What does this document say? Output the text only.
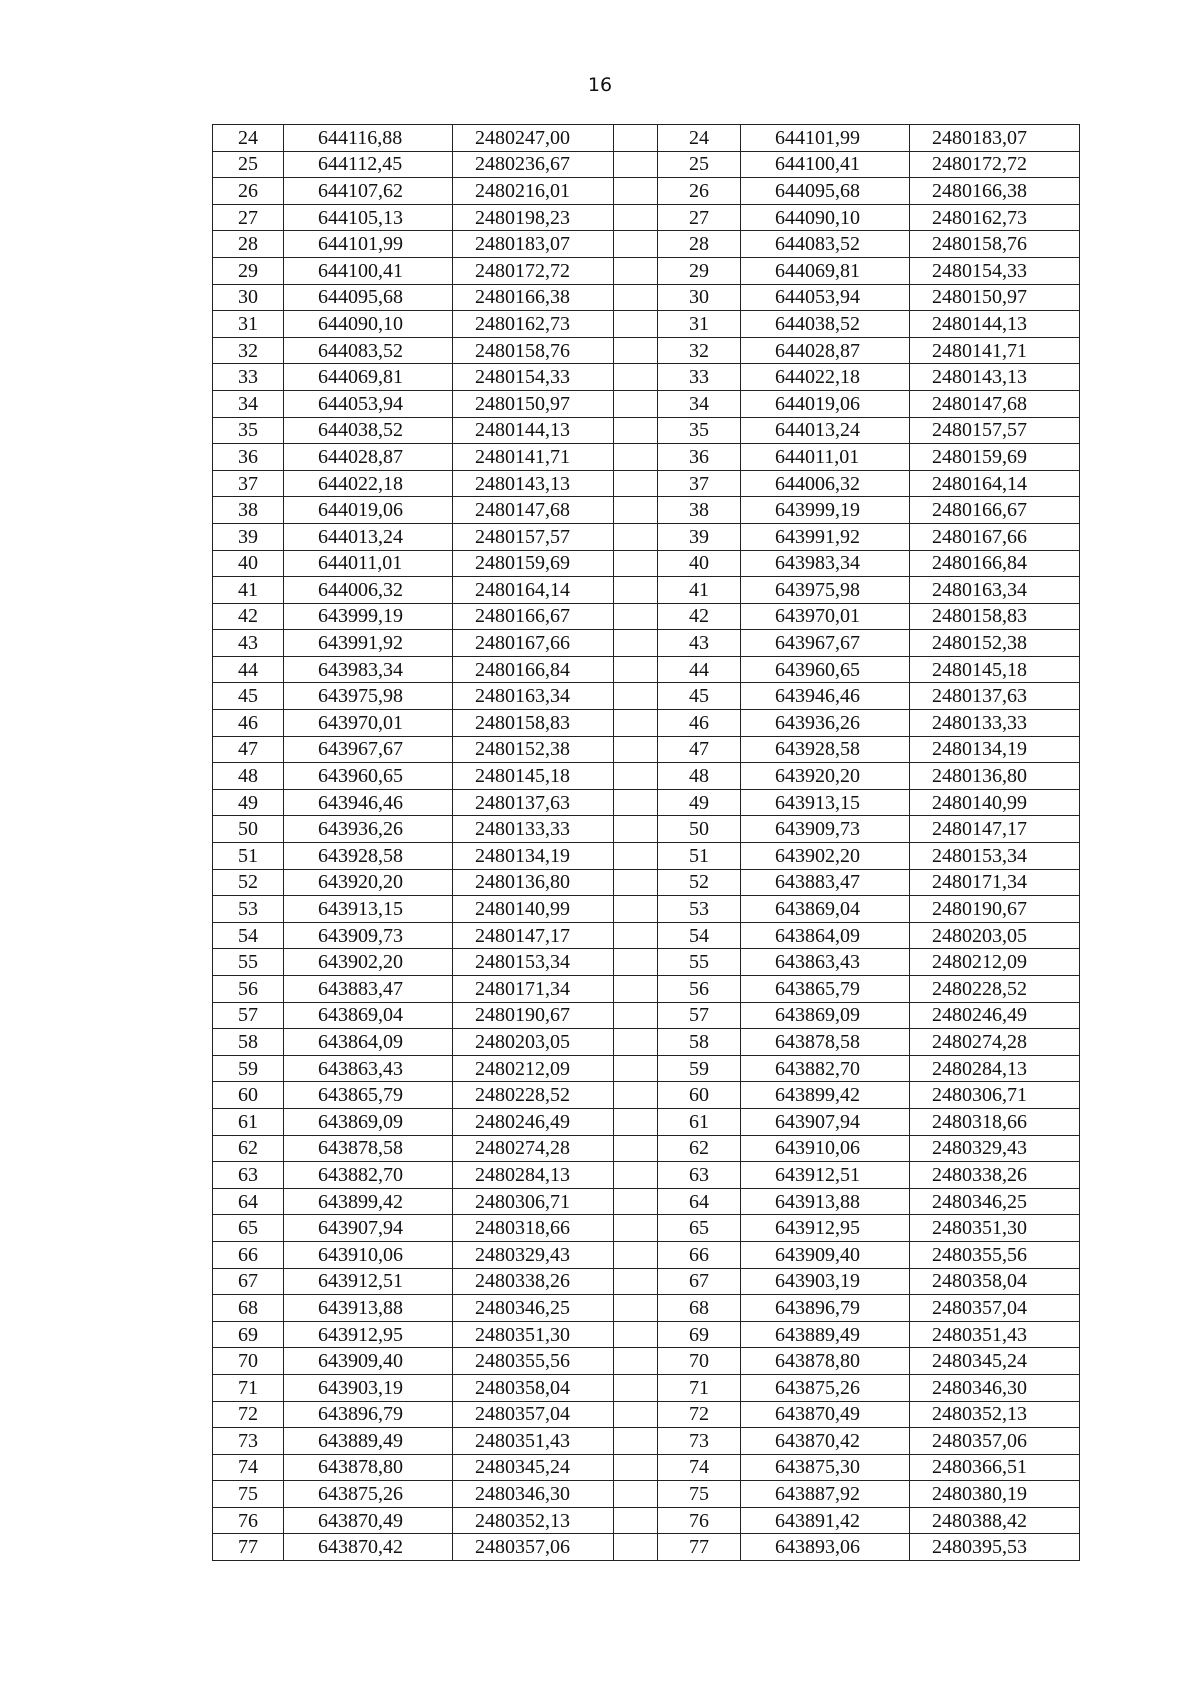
16
24	644116,88	2480247,00		24	644101,99	2480183,07
25	644112,45	2480236,67		25	644100,41	2480172,72
26	644107,62	2480216,01		26	644095,68	2480166,38
27	644105,13	2480198,23		27	644090,10	2480162,73
28	644101,99	2480183,07		28	644083,52	2480158,76
29	644100,41	2480172,72		29	644069,81	2480154,33
30	644095,68	2480166,38		30	644053,94	2480150,97
31	644090,10	2480162,73		31	644038,52	2480144,13
32	644083,52	2480158,76		32	644028,87	2480141,71
33	644069,81	2480154,33		33	644022,18	2480143,13
34	644053,94	2480150,97		34	644019,06	2480147,68
35	644038,52	2480144,13		35	644013,24	2480157,57
36	644028,87	2480141,71		36	644011,01	2480159,69
37	644022,18	2480143,13		37	644006,32	2480164,14
38	644019,06	2480147,68		38	643999,19	2480166,67
39	644013,24	2480157,57		39	643991,92	2480167,66
40	644011,01	2480159,69		40	643983,34	2480166,84
41	644006,32	2480164,14		41	643975,98	2480163,34
42	643999,19	2480166,67		42	643970,01	2480158,83
43	643991,92	2480167,66		43	643967,67	2480152,38
44	643983,34	2480166,84		44	643960,65	2480145,18
45	643975,98	2480163,34		45	643946,46	2480137,63
46	643970,01	2480158,83		46	643936,26	2480133,33
47	643967,67	2480152,38		47	643928,58	2480134,19
48	643960,65	2480145,18		48	643920,20	2480136,80
49	643946,46	2480137,63		49	643913,15	2480140,99
50	643936,26	2480133,33		50	643909,73	2480147,17
51	643928,58	2480134,19		51	643902,20	2480153,34
52	643920,20	2480136,80		52	643883,47	2480171,34
53	643913,15	2480140,99		53	643869,04	2480190,67
54	643909,73	2480147,17		54	643864,09	2480203,05
55	643902,20	2480153,34		55	643863,43	2480212,09
56	643883,47	2480171,34		56	643865,79	2480228,52
57	643869,04	2480190,67		57	643869,09	2480246,49
58	643864,09	2480203,05		58	643878,58	2480274,28
59	643863,43	2480212,09		59	643882,70	2480284,13
60	643865,79	2480228,52		60	643899,42	2480306,71
61	643869,09	2480246,49		61	643907,94	2480318,66
62	643878,58	2480274,28		62	643910,06	2480329,43
63	643882,70	2480284,13		63	643912,51	2480338,26
64	643899,42	2480306,71		64	643913,88	2480346,25
65	643907,94	2480318,66		65	643912,95	2480351,30
66	643910,06	2480329,43		66	643909,40	2480355,56
67	643912,51	2480338,26		67	643903,19	2480358,04
68	643913,88	2480346,25		68	643896,79	2480357,04
69	643912,95	2480351,30		69	643889,49	2480351,43
70	643909,40	2480355,56		70	643878,80	2480345,24
71	643903,19	2480358,04		71	643875,26	2480346,30
72	643896,79	2480357,04		72	643870,49	2480352,13
73	643889,49	2480351,43		73	643870,42	2480357,06
74	643878,80	2480345,24		74	643875,30	2480366,51
75	643875,26	2480346,30		75	643887,92	2480380,19
76	643870,49	2480352,13		76	643891,42	2480388,42
77	643870,42	2480357,06		77	643893,06	2480395,53
